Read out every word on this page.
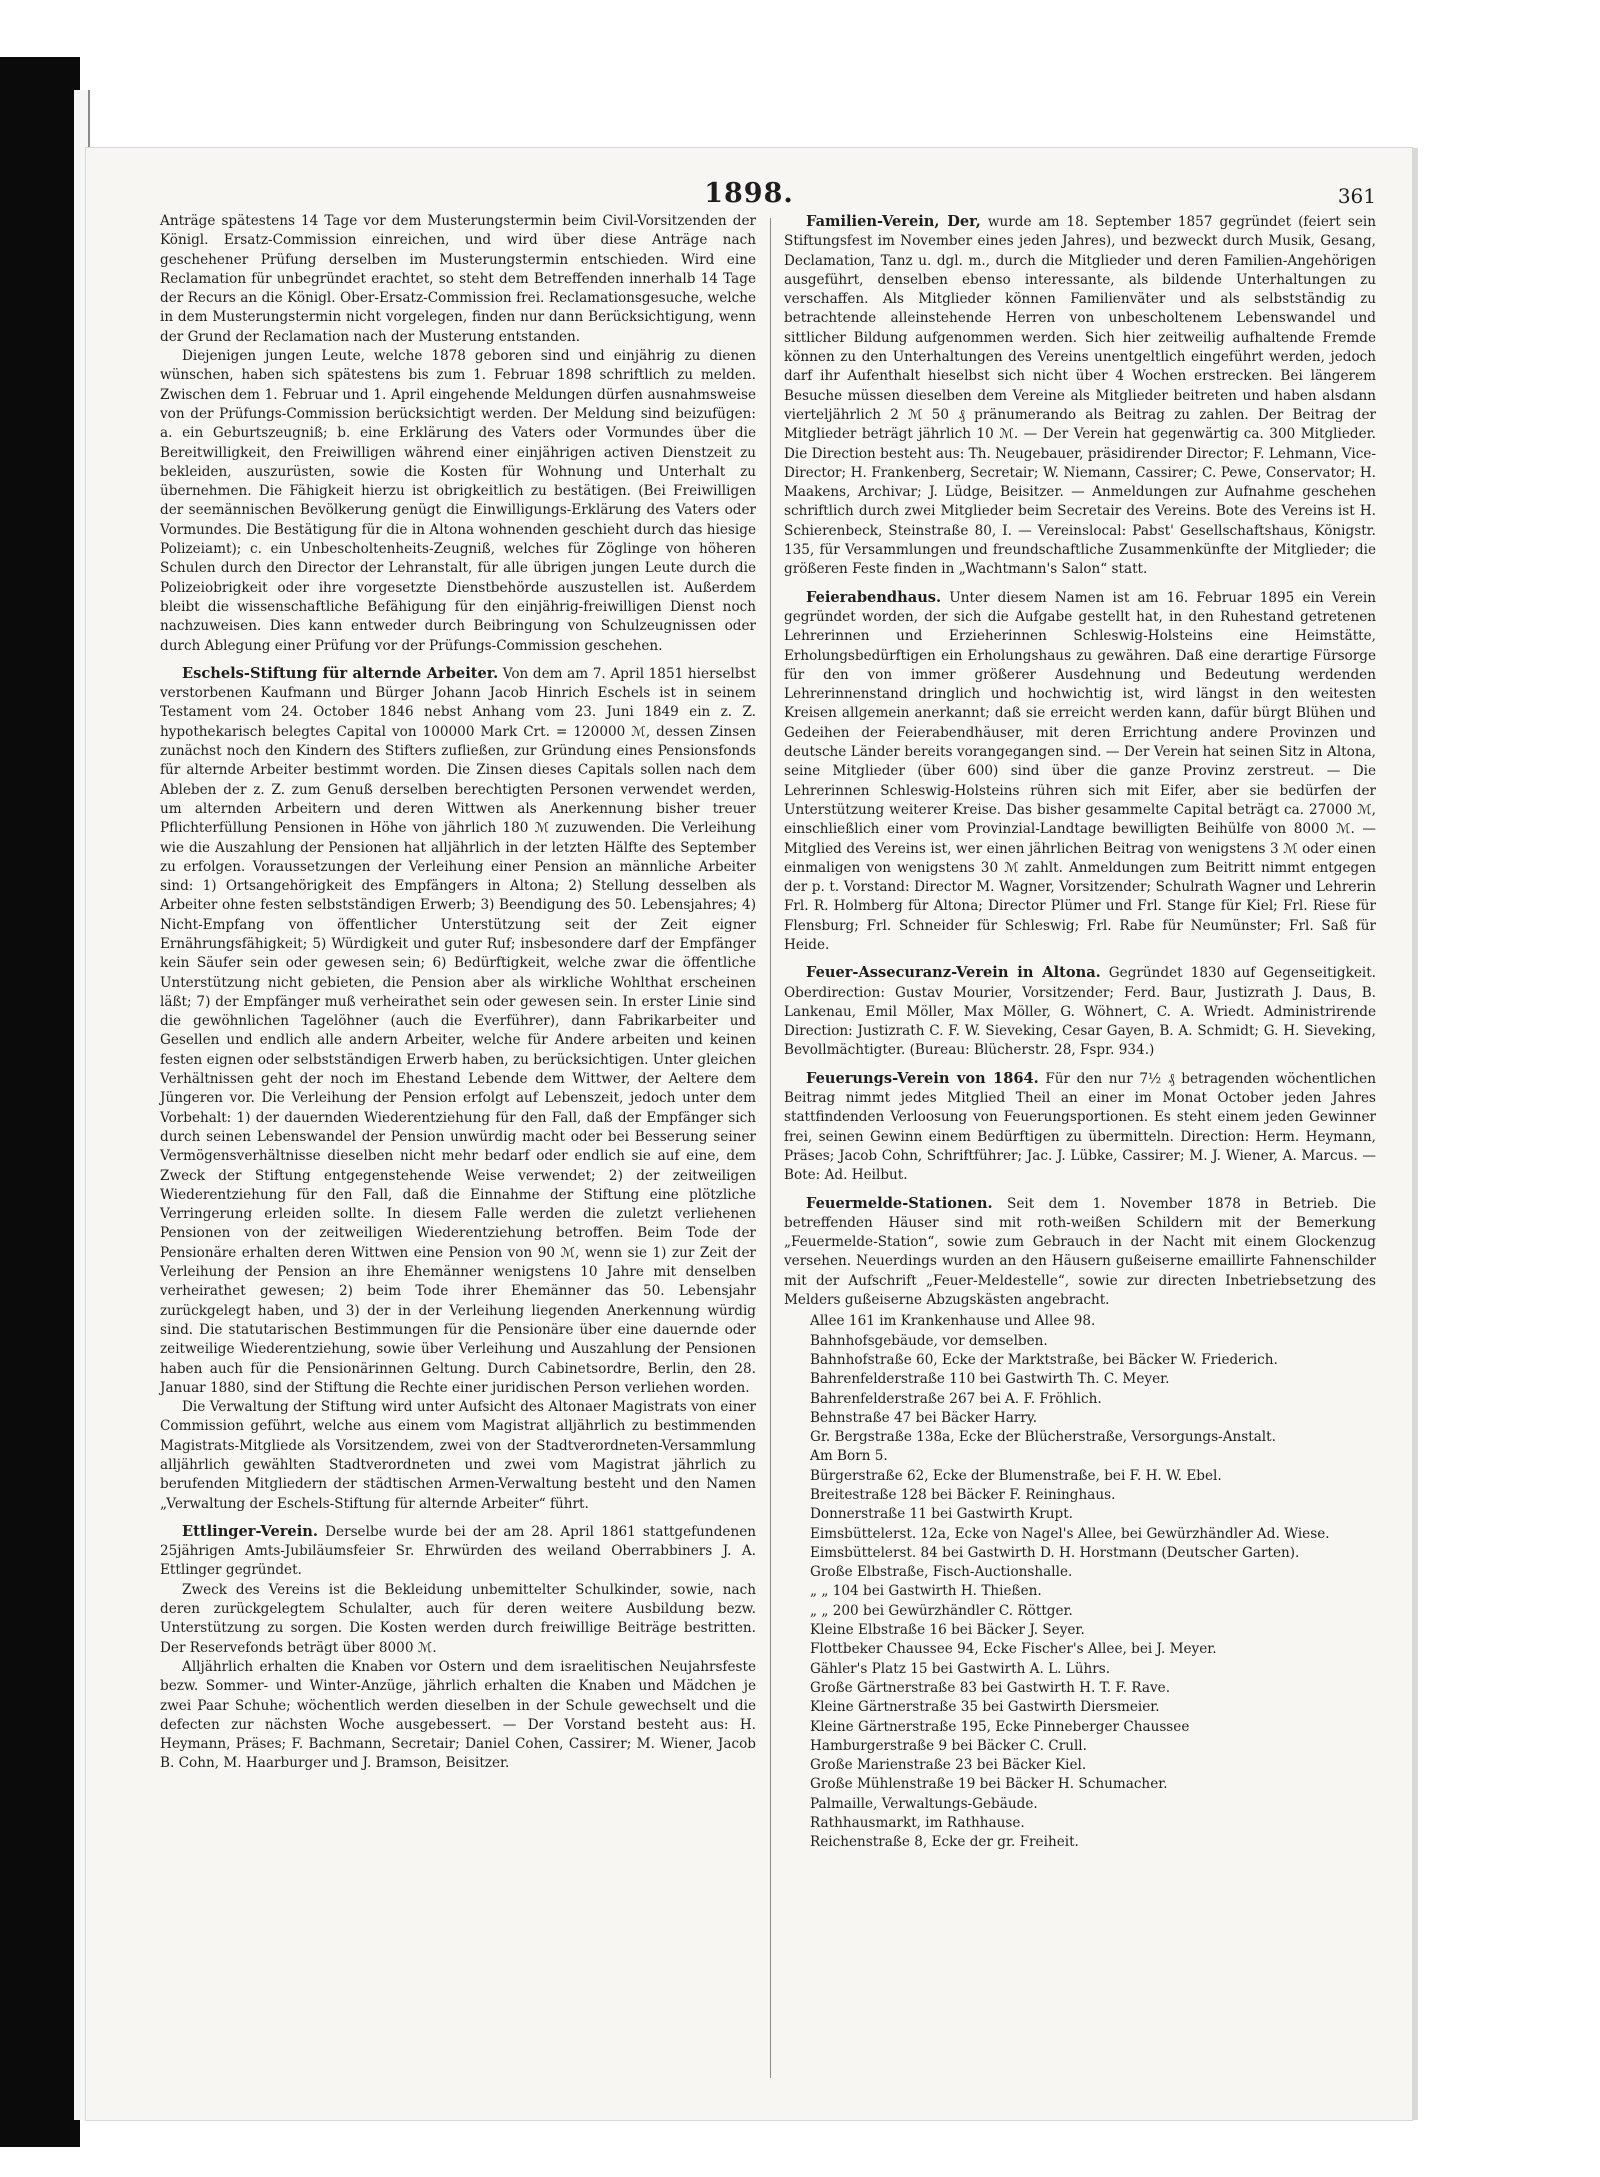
1898.	361

Anträge spätestens 14 Tage vor dem Musterungstermin beim Civil-Vorsitzenden der Königl. Ersatz-Commission einreichen, und wird über diese Anträge nach geschehener Prüfung derselben im Musterungstermin entschieden. Wird eine Reclamation für unbegründet erachtet, so steht dem Betreffenden innerhalb 14 Tage der Recurs an die Königl. Ober-Ersatz-Commission frei. Reclamationsgesuche, welche in dem Musterungstermin nicht vorgelegen, finden nur dann Berücksichtigung, wenn der Grund der Reclamation nach der Musterung entstanden.

Diejenigen jungen Leute, welche 1878 geboren sind und einjährig zu dienen wünschen, haben sich spätestens bis zum 1. Februar 1898 schriftlich zu melden. Zwischen dem 1. Februar und 1. April eingehende Meldungen dürfen ausnahmsweise von der Prüfungs-Commission berücksichtigt werden. Der Meldung sind beizufügen: a. ein Geburtszeugniß; b. eine Erklärung des Vaters oder Vormundes über die Bereitwilligkeit, den Freiwilligen während einer einjährigen activen Dienstzeit zu bekleiden, auszurüsten, sowie die Kosten für Wohnung und Unterhalt zu übernehmen. Die Fähigkeit hierzu ist obrigkeitlich zu bestätigen. (Bei Freiwilligen der seemännischen Bevölkerung genügt die Einwilligungs-Erklärung des Vaters oder Vormundes. Die Bestätigung für die in Altona wohnenden geschieht durch das hiesige Polizeiamt); c. ein Unbescholtenheits-Zeugniß, welches für Zöglinge von höheren Schulen durch den Director der Lehranstalt, für alle übrigen jungen Leute durch die Polizeiobrigkeit oder ihre vorgesetzte Dienstbehörde auszustellen ist. Außerdem bleibt die wissenschaftliche Befähigung für den einjährig-freiwilligen Dienst noch nachzuweisen. Dies kann entweder durch Beibringung von Schulzeugnissen oder durch Ablegung einer Prüfung vor der Prüfungs-Commission geschehen.

Eschels-Stiftung für alternde Arbeiter. Von dem am 7. April 1851 hierselbst verstorbenen Kaufmann und Bürger Johann Jacob Hinrich Eschels ist in seinem Testament vom 24. October 1846 nebst Anhang vom 23. Juni 1849 ein z. Z. hypothekarisch belegtes Capital von 100000 Mark Crt. = 120000 ℳ, dessen Zinsen zunächst noch den Kindern des Stifters zufließen, zur Gründung eines Pensionsfonds für alternde Arbeiter bestimmt worden. Die Zinsen dieses Capitals sollen nach dem Ableben der z. Z. zum Genuß derselben berechtigten Personen verwendet werden, um alternden Arbeitern und deren Wittwen als Anerkennung bisher treuer Pflichterfüllung Pensionen in Höhe von jährlich 180 ℳ zuzuwenden. Die Verleihung wie die Auszahlung der Pensionen hat alljährlich in der letzten Hälfte des September zu erfolgen. Voraussetzungen der Verleihung einer Pension an männliche Arbeiter sind: 1) Ortsangehörigkeit des Empfängers in Altona; 2) Stellung desselben als Arbeiter ohne festen selbstständigen Erwerb; 3) Beendigung des 50. Lebensjahres; 4) Nicht-Empfang von öffentlicher Unterstützung seit der Zeit eigner Ernährungsfähigkeit; 5) Würdigkeit und guter Ruf; insbesondere darf der Empfänger kein Säufer sein oder gewesen sein; 6) Bedürftigkeit, welche zwar die öffentliche Unterstützung nicht gebieten, die Pension aber als wirkliche Wohlthat erscheinen läßt; 7) der Empfänger muß verheirathet sein oder gewesen sein. In erster Linie sind die gewöhnlichen Tagelöhner (auch die Everführer), dann Fabrikarbeiter und Gesellen und endlich alle andern Arbeiter, welche für Andere arbeiten und keinen festen eignen oder selbstständigen Erwerb haben, zu berücksichtigen. Unter gleichen Verhältnissen geht der noch im Ehestand Lebende dem Wittwer, der Aeltere dem Jüngeren vor. Die Verleihung der Pension erfolgt auf Lebenszeit, jedoch unter dem Vorbehalt: 1) der dauernden Wiederentziehung für den Fall, daß der Empfänger sich durch seinen Lebenswandel der Pension unwürdig macht oder bei Besserung seiner Vermögensverhältnisse dieselben nicht mehr bedarf oder endlich sie auf eine, dem Zweck der Stiftung entgegenstehende Weise verwendet; 2) der zeitweiligen Wiederentziehung für den Fall, daß die Einnahme der Stiftung eine plötzliche Verringerung erleiden sollte. In diesem Falle werden die zuletzt verliehenen Pensionen von der zeitweiligen Wiederentziehung betroffen. Beim Tode der Pensionäre erhalten deren Wittwen eine Pension von 90 ℳ, wenn sie 1) zur Zeit der Verleihung der Pension an ihre Ehemänner wenigstens 10 Jahre mit denselben verheirathet gewesen; 2) beim Tode ihrer Ehemänner das 50. Lebensjahr zurückgelegt haben, und 3) der in der Verleihung liegenden Anerkennung würdig sind. Die statutarischen Bestimmungen für die Pensionäre über eine dauernde oder zeitweilige Wiederentziehung, sowie über Verleihung und Auszahlung der Pensionen haben auch für die Pensionärinnen Geltung. Durch Cabinetsordre, Berlin, den 28. Januar 1880, sind der Stiftung die Rechte einer juridischen Person verliehen worden.

Die Verwaltung der Stiftung wird unter Aufsicht des Altonaer Magistrats von einer Commission geführt, welche aus einem vom Magistrat alljährlich zu bestimmenden Magistrats-Mitgliede als Vorsitzendem, zwei von der Stadtverordneten-Versammlung alljährlich gewählten Stadtverordneten und zwei vom Magistrat jährlich zu berufenden Mitgliedern der städtischen Armen-Verwaltung besteht und den Namen „Verwaltung der Eschels-Stiftung für alternde Arbeiter“ führt.

Ettlinger-Verein. Derselbe wurde bei der am 28. April 1861 stattgefundenen 25jährigen Amts-Jubiläumsfeier Sr. Ehrwürden des weiland Oberrabbiners J. A. Ettlinger gegründet.

Zweck des Vereins ist die Bekleidung unbemittelter Schulkinder, sowie, nach deren zurückgelegtem Schulalter, auch für deren weitere Ausbildung bezw. Unterstützung zu sorgen. Die Kosten werden durch freiwillige Beiträge bestritten. Der Reservefonds beträgt über 8000 ℳ.

Alljährlich erhalten die Knaben vor Ostern und dem israelitischen Neujahrsfeste bezw. Sommer- und Winter-Anzüge, jährlich erhalten die Knaben und Mädchen je zwei Paar Schuhe; wöchentlich werden dieselben in der Schule gewechselt und die defecten zur nächsten Woche ausgebessert. — Der Vorstand besteht aus: H. Heymann, Präses; F. Bachmann, Secretair; Daniel Cohen, Cassirer; M. Wiener, Jacob B. Cohn, M. Haarburger und J. Bramson, Beisitzer.

Familien-Verein, Der, wurde am 18. September 1857 gegründet (feiert sein Stiftungsfest im November eines jeden Jahres), und bezweckt durch Musik, Gesang, Declamation, Tanz u. dgl. m., durch die Mitglieder und deren Familien-Angehörigen ausgeführt, denselben ebenso interessante, als bildende Unterhaltungen zu verschaffen. Als Mitglieder können Familienväter und als selbstständig zu betrachtende alleinstehende Herren von unbescholtenem Lebenswandel und sittlicher Bildung aufgenommen werden. Sich hier zeitweilig aufhaltende Fremde können zu den Unterhaltungen des Vereins unentgeltlich eingeführt werden, jedoch darf ihr Aufenthalt hieselbst sich nicht über 4 Wochen erstrecken. Bei längerem Besuche müssen dieselben dem Vereine als Mitglieder beitreten und haben alsdann vierteljährlich 2 ℳ 50 ₰ pränumerando als Beitrag zu zahlen. Der Beitrag der Mitglieder beträgt jährlich 10 ℳ. — Der Verein hat gegenwärtig ca. 300 Mitglieder. Die Direction besteht aus: Th. Neugebauer, präsidirender Director; F. Lehmann, Vice-Director; H. Frankenberg, Secretair; W. Niemann, Cassirer; C. Pewe, Conservator; H. Maakens, Archivar; J. Lüdge, Beisitzer. — Anmeldungen zur Aufnahme geschehen schriftlich durch zwei Mitglieder beim Secretair des Vereins. Bote des Vereins ist H. Schierenbeck, Steinstraße 80, I. — Vereinslocal: Pabst' Gesellschaftshaus, Königstr. 135, für Versammlungen und freundschaftliche Zusammenkünfte der Mitglieder; die größeren Feste finden in „Wachtmann's Salon“ statt.

Feierabendhaus. Unter diesem Namen ist am 16. Februar 1895 ein Verein gegründet worden, der sich die Aufgabe gestellt hat, in den Ruhestand getretenen Lehrerinnen und Erzieherinnen Schleswig-Holsteins eine Heimstätte, Erholungsbedürftigen ein Erholungshaus zu gewähren. Daß eine derartige Fürsorge für den von immer größerer Ausdehnung und Bedeutung werdenden Lehrerinnenstand dringlich und hochwichtig ist, wird längst in den weitesten Kreisen allgemein anerkannt; daß sie erreicht werden kann, dafür bürgt Blühen und Gedeihen der Feierabendhäuser, mit deren Errichtung andere Provinzen und deutsche Länder bereits vorangegangen sind. — Der Verein hat seinen Sitz in Altona, seine Mitglieder (über 600) sind über die ganze Provinz zerstreut. — Die Lehrerinnen Schleswig-Holsteins rühren sich mit Eifer, aber sie bedürfen der Unterstützung weiterer Kreise. Das bisher gesammelte Capital beträgt ca. 27000 ℳ, einschließlich einer vom Provinzial-Landtage bewilligten Beihülfe von 8000 ℳ. — Mitglied des Vereins ist, wer einen jährlichen Beitrag von wenigstens 3 ℳ oder einen einmaligen von wenigstens 30 ℳ zahlt. Anmeldungen zum Beitritt nimmt entgegen der p. t. Vorstand: Director M. Wagner, Vorsitzender; Schulrath Wagner und Lehrerin Frl. R. Holmberg für Altona; Director Plümer und Frl. Stange für Kiel; Frl. Riese für Flensburg; Frl. Schneider für Schleswig; Frl. Rabe für Neumünster; Frl. Saß für Heide.

Feuer-Assecuranz-Verein in Altona. Gegründet 1830 auf Gegenseitigkeit. Oberdirection: Gustav Mourier, Vorsitzender; Ferd. Baur, Justizrath J. Daus, B. Lankenau, Emil Möller, Max Möller, G. Wöhnert, C. A. Wriedt. Administrirende Direction: Justizrath C. F. W. Sieveking, Cesar Gayen, B. A. Schmidt; G. H. Sieveking, Bevollmächtigter. (Bureau: Blücherstr. 28, Fspr. 934.)

Feuerungs-Verein von 1864. Für den nur 7½ ₰ betragenden wöchentlichen Beitrag nimmt jedes Mitglied Theil an einer im Monat October jeden Jahres stattfindenden Verloosung von Feuerungsportionen. Es steht einem jeden Gewinner frei, seinen Gewinn einem Bedürftigen zu übermitteln. Direction: Herm. Heymann, Präses; Jacob Cohn, Schriftführer; Jac. J. Lübke, Cassirer; M. J. Wiener, A. Marcus. — Bote: Ad. Heilbut.

Feuermelde-Stationen. Seit dem 1. November 1878 in Betrieb. Die betreffenden Häuser sind mit roth-weißen Schildern mit der Bemerkung „Feuermelde-Station“, sowie zum Gebrauch in der Nacht mit einem Glockenzug versehen. Neuerdings wurden an den Häusern gußeiserne emaillirte Fahnenschilder mit der Aufschrift „Feuer-Meldestelle“, sowie zur directen Inbetriebsetzung des Melders gußeiserne Abzugskästen angebracht.

Allee 161 im Krankenhause und Allee 98.
Bahnhofsgebäude, vor demselben.
Bahnhofstraße 60, Ecke der Marktstraße, bei Bäcker W. Friederich.
Bahrenfelderstraße 110 bei Gastwirth Th. C. Meyer.
Bahrenfelderstraße 267 bei A. F. Fröhlich.
Behnstraße 47 bei Bäcker Harry.
Gr. Bergstraße 138a, Ecke der Blücherstraße, Versorgungs-Anstalt.
Am Born 5.
Bürgerstraße 62, Ecke der Blumenstraße, bei F. H. W. Ebel.
Breitestraße 128 bei Bäcker F. Reininghaus.
Donnerstraße 11 bei Gastwirth Krupt.
Eimsbüttelerst. 12a, Ecke von Nagel's Allee, bei Gewürzhändler Ad. Wiese.
Eimsbüttelerst. 84 bei Gastwirth D. H. Horstmann (Deutscher Garten).
Große Elbstraße, Fisch-Auctionshalle.
„ „ 104 bei Gastwirth H. Thießen.
„ „ 200 bei Gewürzhändler C. Röttger.
Kleine Elbstraße 16 bei Bäcker J. Seyer.
Flottbeker Chaussee 94, Ecke Fischer's Allee, bei J. Meyer.
Gähler's Platz 15 bei Gastwirth A. L. Lührs.
Große Gärtnerstraße 83 bei Gastwirth H. T. F. Rave.
Kleine Gärtnerstraße 35 bei Gastwirth Diersmeier.
Kleine Gärtnerstraße 195, Ecke Pinneberger Chaussee
Hamburgerstraße 9 bei Bäcker C. Crull.
Große Marienstraße 23 bei Bäcker Kiel.
Große Mühlenstraße 19 bei Bäcker H. Schumacher.
Palmaille, Verwaltungs-Gebäude.
Rathhausmarkt, im Rathhause.
Reichenstraße 8, Ecke der gr. Freiheit.
